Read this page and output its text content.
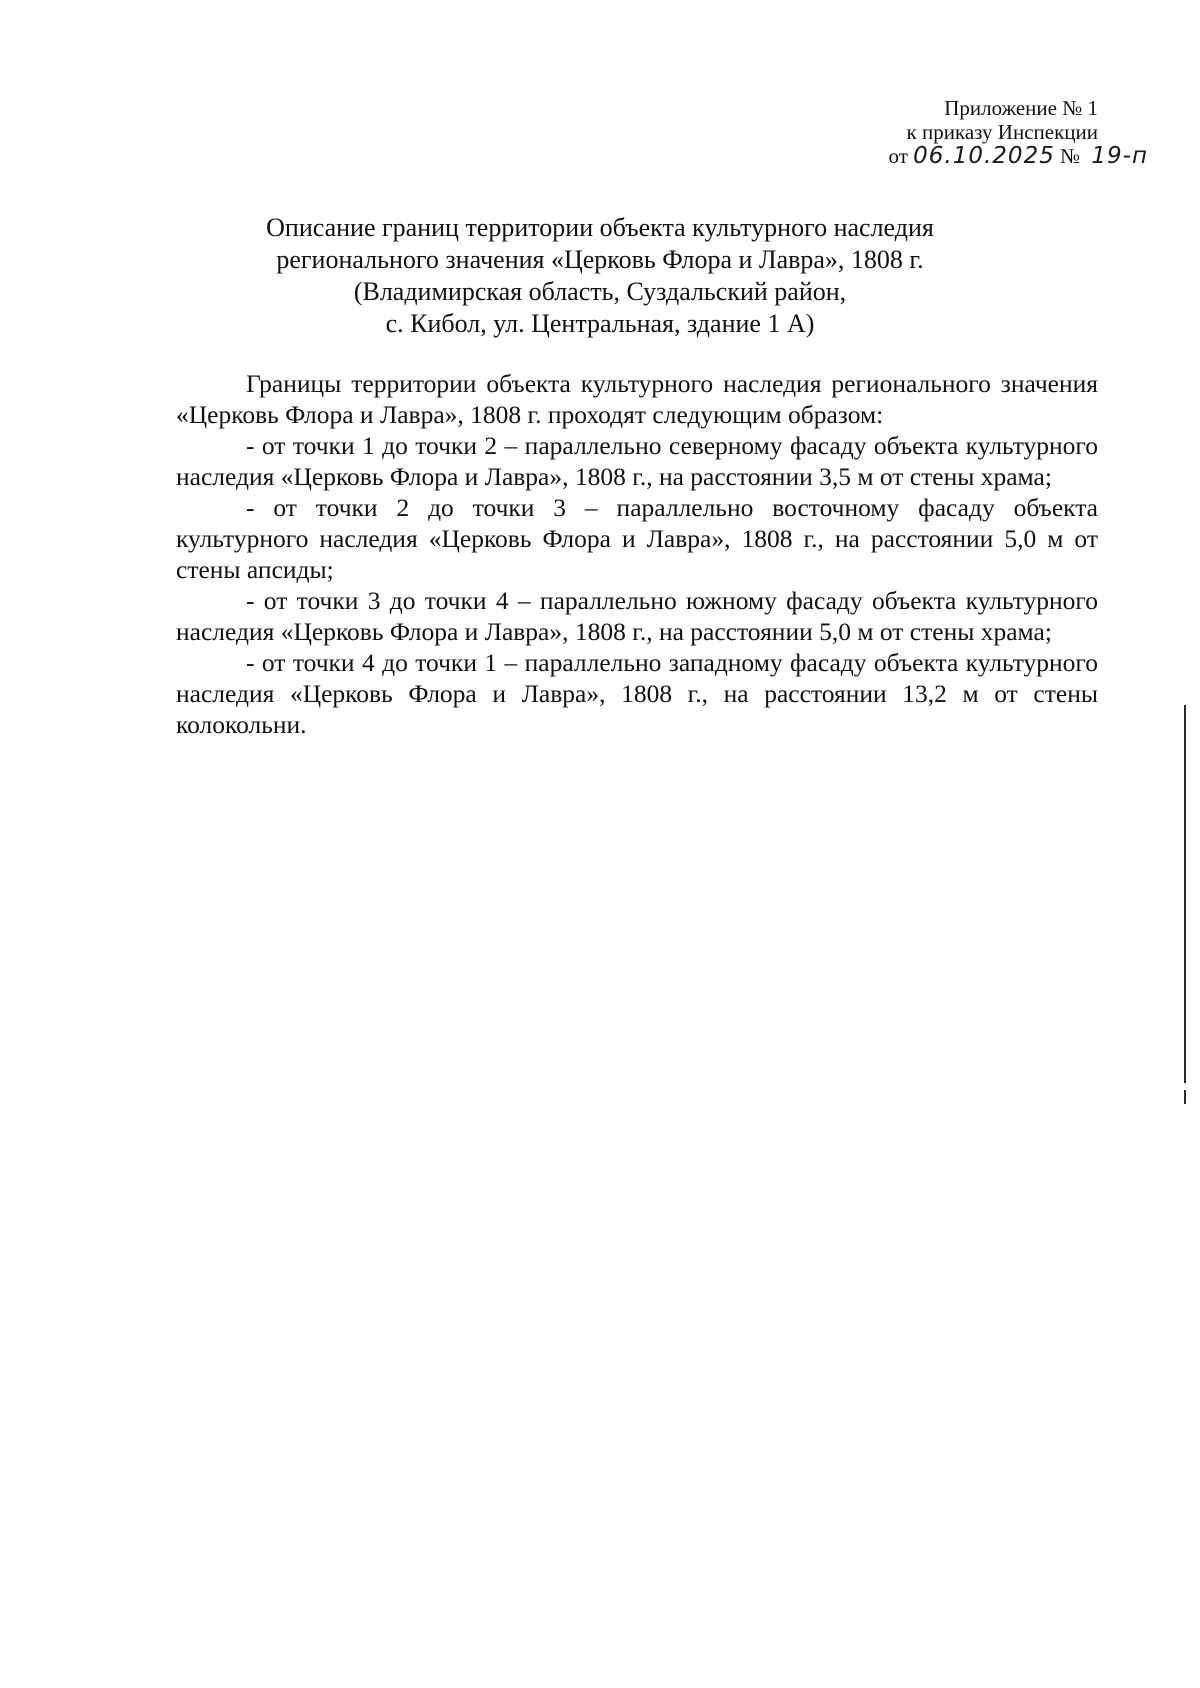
Приложение № 1
к приказу Инспекции
от 06.10.2025 № 19-п
Описание границ территории объекта культурного наследия
регионального значения «Церковь Флора и Лавра», 1808 г.
(Владимирская область, Суздальский район,
с. Кибол, ул. Центральная, здание 1 А)

Границы территории объекта культурного наследия регионального значения «Церковь Флора и Лавра», 1808 г. проходят следующим образом:

- от точки 1 до точки 2 – параллельно северному фасаду объекта культурного наследия «Церковь Флора и Лавра», 1808 г., на расстоянии 3,5 м от стены храма;

- от точки 2 до точки 3 – параллельно восточному фасаду объекта культурного наследия «Церковь Флора и Лавра», 1808 г., на расстоянии 5,0 м от стены апсиды;

- от точки 3 до точки 4 – параллельно южному фасаду объекта культурного наследия «Церковь Флора и Лавра», 1808 г., на расстоянии 5,0 м от стены храма;

- от точки 4 до точки 1 – параллельно западному фасаду объекта культурного наследия «Церковь Флора и Лавра», 1808 г., на расстоянии 13,2 м от стены колокольни.
